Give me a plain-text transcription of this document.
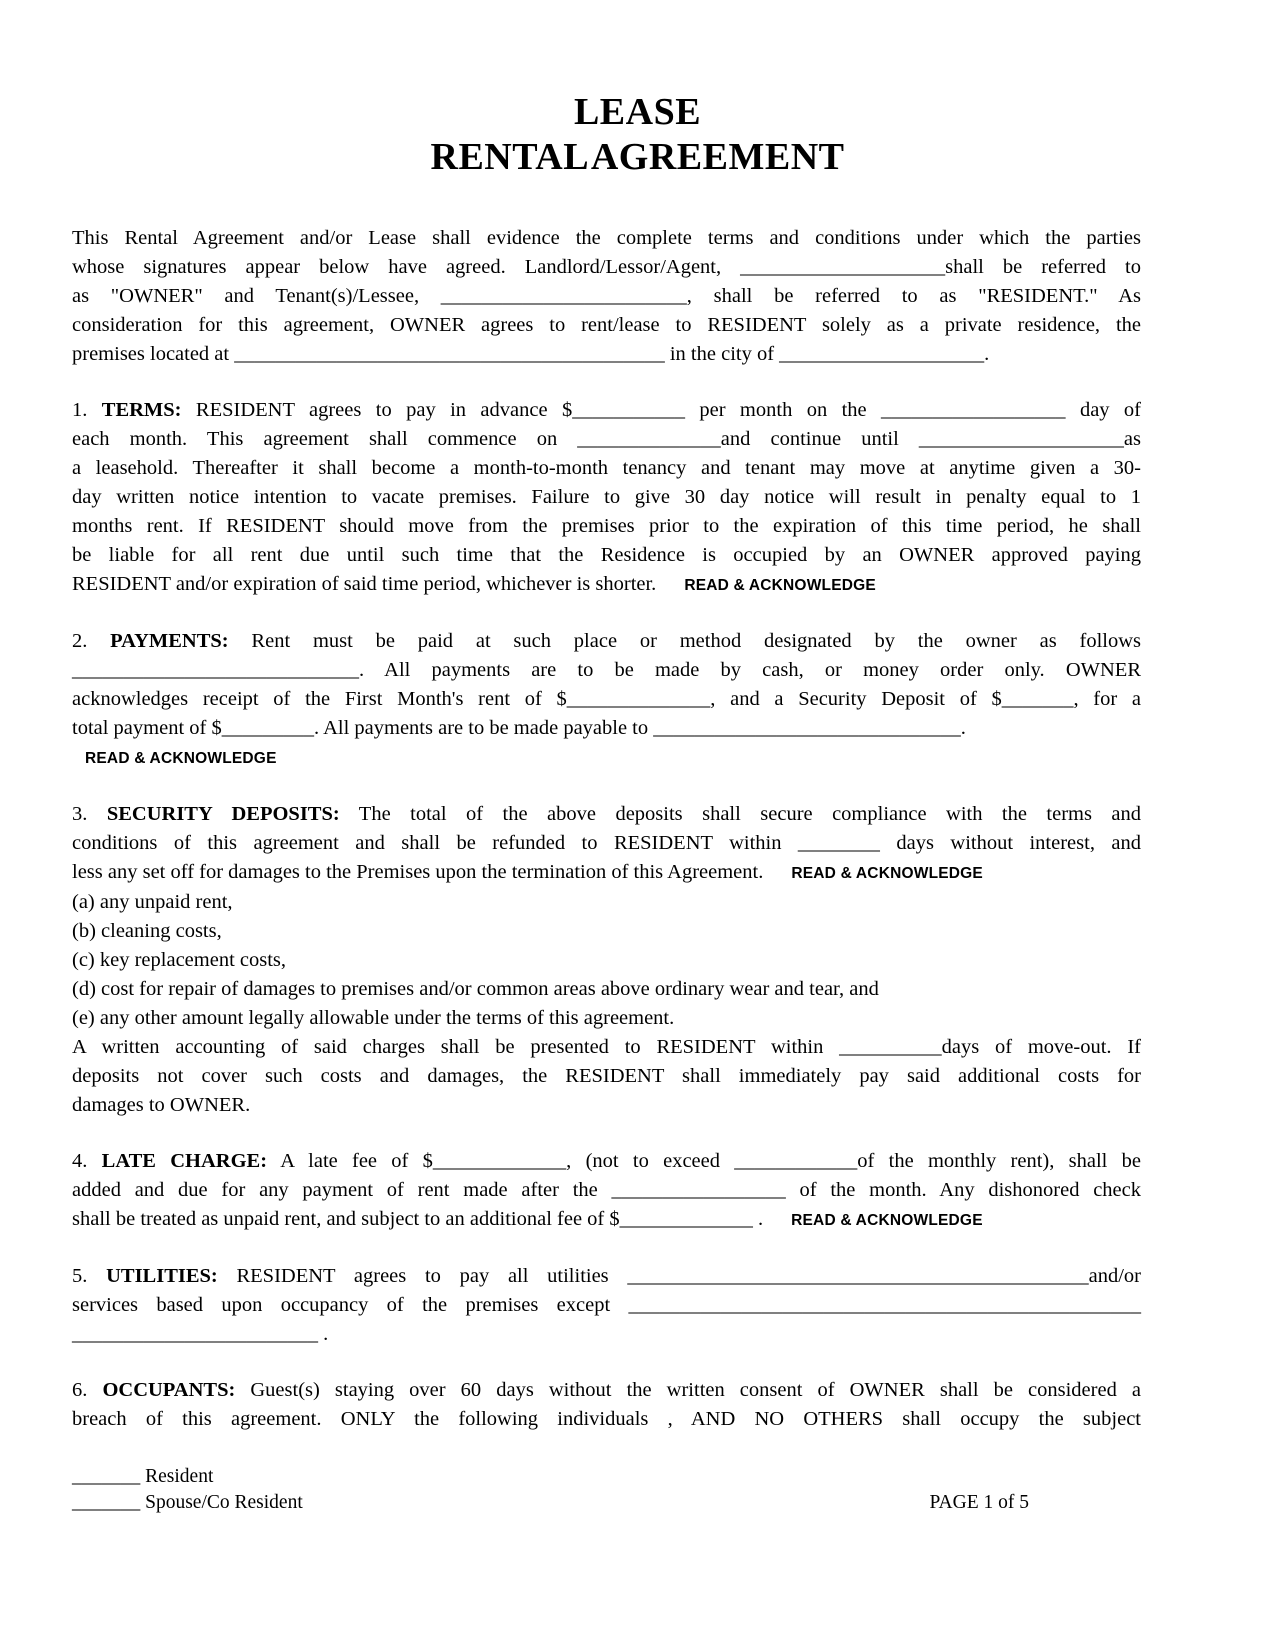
LEASE
RENTAL AGREEMENT
This Rental Agreement and/or Lease shall evidence the complete terms and conditions under which the parties
whose signatures appear below have agreed. Landlord/Lessor/Agent, ____________________shall be referred to
as "OWNER" and Tenant(s)/Lessee, ________________________, shall be referred to as "RESIDENT." As
consideration for this agreement, OWNER agrees to rent/lease to RESIDENT solely as a private residence, the
premises located at __________________________________________ in the city of ____________________.
1. TERMS: RESIDENT agrees to pay in advance $___________ per month on the __________________ day of
each month. This agreement shall commence on ______________and continue until ____________________as
a leasehold. Thereafter it shall become a month-to-month tenancy and tenant may move at anytime given a 30-
day written notice intention to vacate premises. Failure to give 30 day notice will result in penalty equal to 1
months rent. If RESIDENT should move from the premises prior to the expiration of this time period, he shall
be liable for all rent due until such time that the Residence is occupied by an OWNER approved paying
RESIDENT and/or expiration of said time period, whichever is shorter. READ & ACKNOWLEDGE
2. PAYMENTS: Rent must be paid at such place or method designated by the owner as follows
____________________________. All payments are to be made by cash, or money order only. OWNER
acknowledges receipt of the First Month's rent of $______________, and a Security Deposit of $_______, for a
total payment of $_________. All payments are to be made payable to ______________________________.
READ & ACKNOWLEDGE
3. SECURITY DEPOSITS: The total of the above deposits shall secure compliance with the terms and
conditions of this agreement and shall be refunded to RESIDENT within ________ days without interest, and
less any set off for damages to the Premises upon the termination of this Agreement. READ & ACKNOWLEDGE
(a) any unpaid rent,
(b) cleaning costs,
(c) key replacement costs,
(d) cost for repair of damages to premises and/or common areas above ordinary wear and tear, and
(e) any other amount legally allowable under the terms of this agreement.
A written accounting of said charges shall be presented to RESIDENT within __________days of move-out. If
deposits not cover such costs and damages, the RESIDENT shall immediately pay said additional costs for
damages to OWNER.
4. LATE CHARGE: A late fee of $_____________, (not to exceed ____________of the monthly rent), shall be
added and due for any payment of rent made after the _________________ of the month. Any dishonored check
shall be treated as unpaid rent, and subject to an additional fee of $_____________ . READ & ACKNOWLEDGE
5. UTILITIES: RESIDENT agrees to pay all utilities _____________________________________________and/or
services based upon occupancy of the premises except __________________________________________________
________________________ .
6. OCCUPANTS: Guest(s) staying over 60 days without the written consent of OWNER shall be considered a
breach of this agreement. ONLY the following individuals , AND NO OTHERS shall occupy the subject
_______ Resident
_______ Spouse/Co Resident	PAGE 1 of 5
